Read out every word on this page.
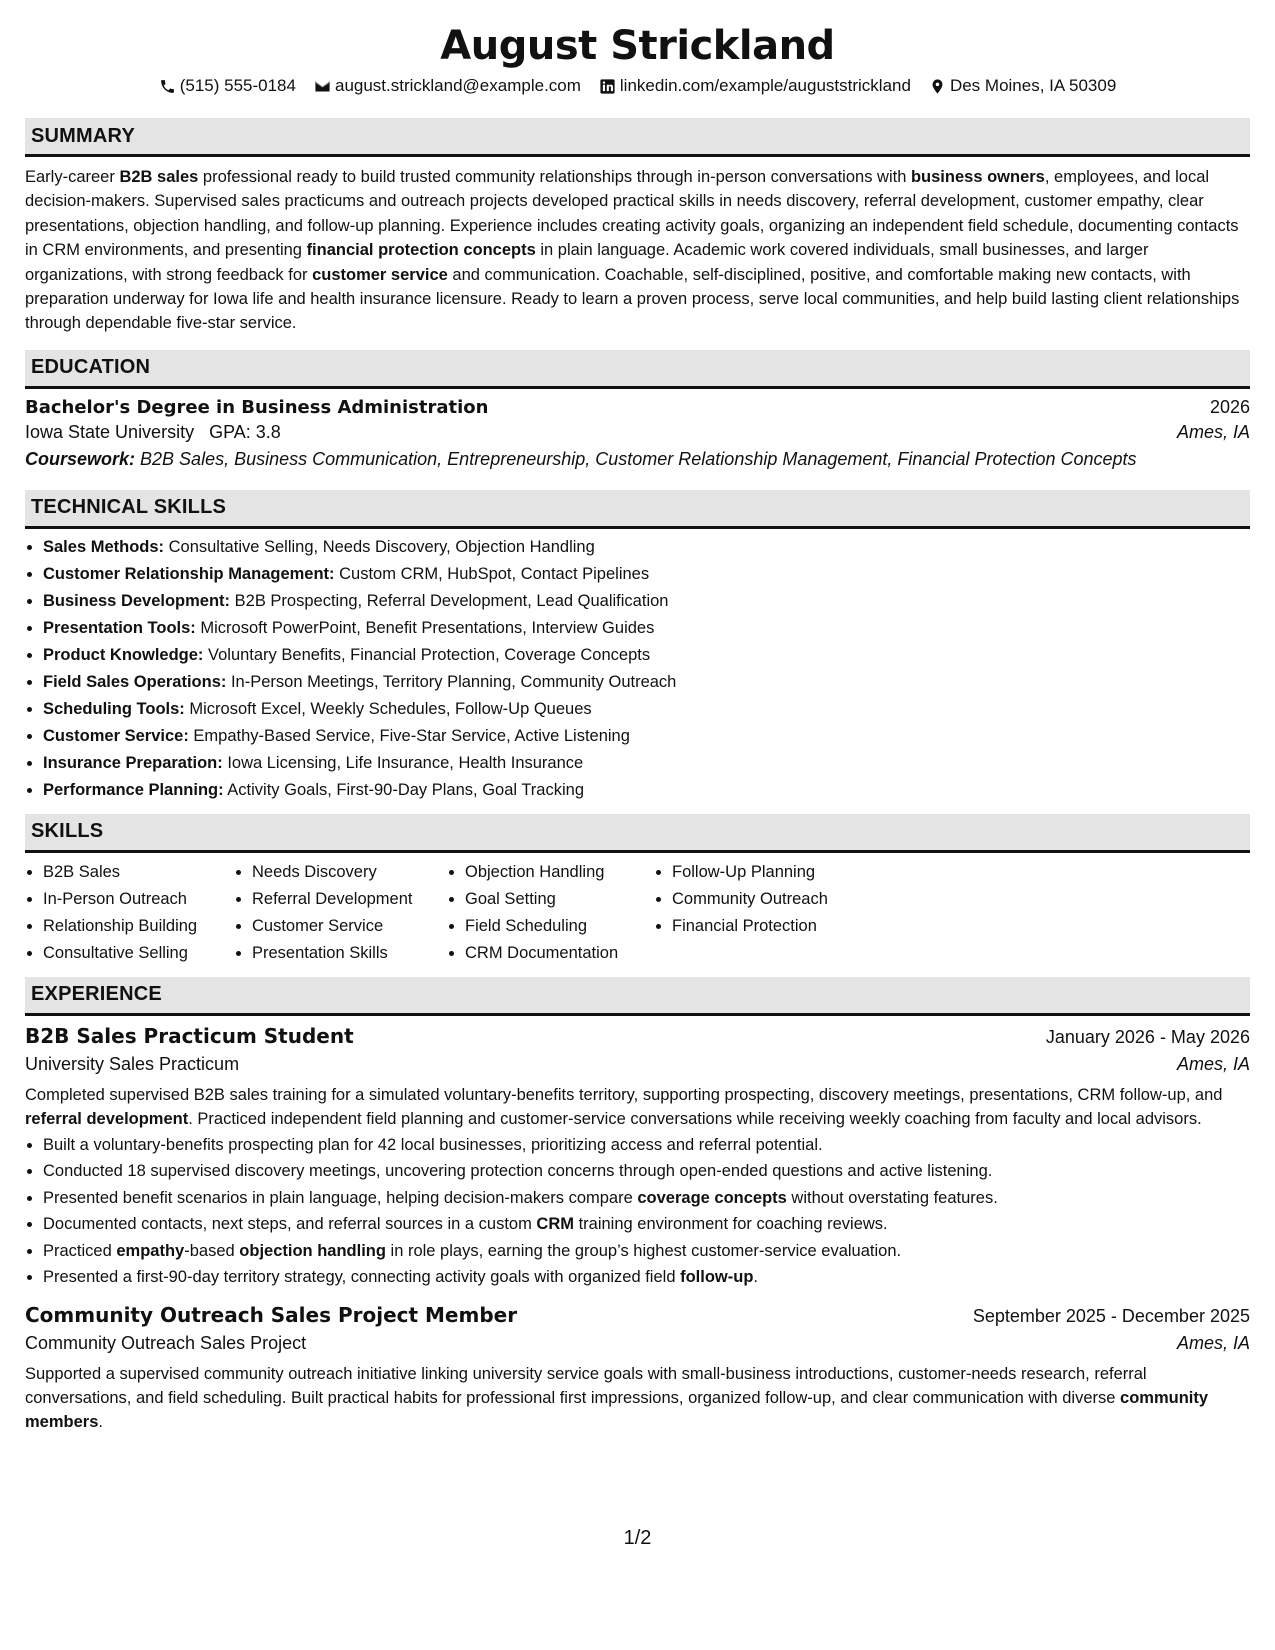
August Strickland
(515) 555-0184 august.strickland@example.com linkedin.com/example/auguststrickland Des Moines, IA 50309
SUMMARY
Early-career B2B sales professional ready to build trusted community relationships through in-person conversations with business owners, employees, and local decision-makers. Supervised sales practicums and outreach projects developed practical skills in needs discovery, referral development, customer empathy, clear presentations, objection handling, and follow-up planning. Experience includes creating activity goals, organizing an independent field schedule, documenting contacts in CRM environments, and presenting financial protection concepts in plain language. Academic work covered individuals, small businesses, and larger organizations, with strong feedback for customer service and communication. Coachable, self-disciplined, positive, and comfortable making new contacts, with preparation underway for Iowa life and health insurance licensure. Ready to learn a proven process, serve local communities, and help build lasting client relationships through dependable five-star service.
EDUCATION
Bachelor's Degree in Business Administration	2026
Iowa State University GPA: 3.8	Ames, IA
Coursework: B2B Sales, Business Communication, Entrepreneurship, Customer Relationship Management, Financial Protection Concepts
TECHNICAL SKILLS
• Sales Methods: Consultative Selling, Needs Discovery, Objection Handling
• Customer Relationship Management: Custom CRM, HubSpot, Contact Pipelines
• Business Development: B2B Prospecting, Referral Development, Lead Qualification
• Presentation Tools: Microsoft PowerPoint, Benefit Presentations, Interview Guides
• Product Knowledge: Voluntary Benefits, Financial Protection, Coverage Concepts
• Field Sales Operations: In-Person Meetings, Territory Planning, Community Outreach
• Scheduling Tools: Microsoft Excel, Weekly Schedules, Follow-Up Queues
• Customer Service: Empathy-Based Service, Five-Star Service, Active Listening
• Insurance Preparation: Iowa Licensing, Life Insurance, Health Insurance
• Performance Planning: Activity Goals, First-90-Day Plans, Goal Tracking
SKILLS
• B2B Sales
• In-Person Outreach
• Relationship Building
• Consultative Selling
• Needs Discovery
• Referral Development
• Customer Service
• Presentation Skills
• Objection Handling
• Goal Setting
• Field Scheduling
• CRM Documentation
• Follow-Up Planning
• Community Outreach
• Financial Protection
EXPERIENCE
B2B Sales Practicum Student	January 2026 - May 2026
University Sales Practicum	Ames, IA
Completed supervised B2B sales training for a simulated voluntary-benefits territory, supporting prospecting, discovery meetings, presentations, CRM follow-up, and referral development. Practiced independent field planning and customer-service conversations while receiving weekly coaching from faculty and local advisors.
• Built a voluntary-benefits prospecting plan for 42 local businesses, prioritizing access and referral potential.
• Conducted 18 supervised discovery meetings, uncovering protection concerns through open-ended questions and active listening.
• Presented benefit scenarios in plain language, helping decision-makers compare coverage concepts without overstating features.
• Documented contacts, next steps, and referral sources in a custom CRM training environment for coaching reviews.
• Practiced empathy-based objection handling in role plays, earning the group’s highest customer-service evaluation.
• Presented a first-90-day territory strategy, connecting activity goals with organized field follow-up.
Community Outreach Sales Project Member	September 2025 - December 2025
Community Outreach Sales Project	Ames, IA
Supported a supervised community outreach initiative linking university service goals with small-business introductions, customer-needs research, referral conversations, and field scheduling. Built practical habits for professional first impressions, organized follow-up, and clear communication with diverse community members.
1/2
